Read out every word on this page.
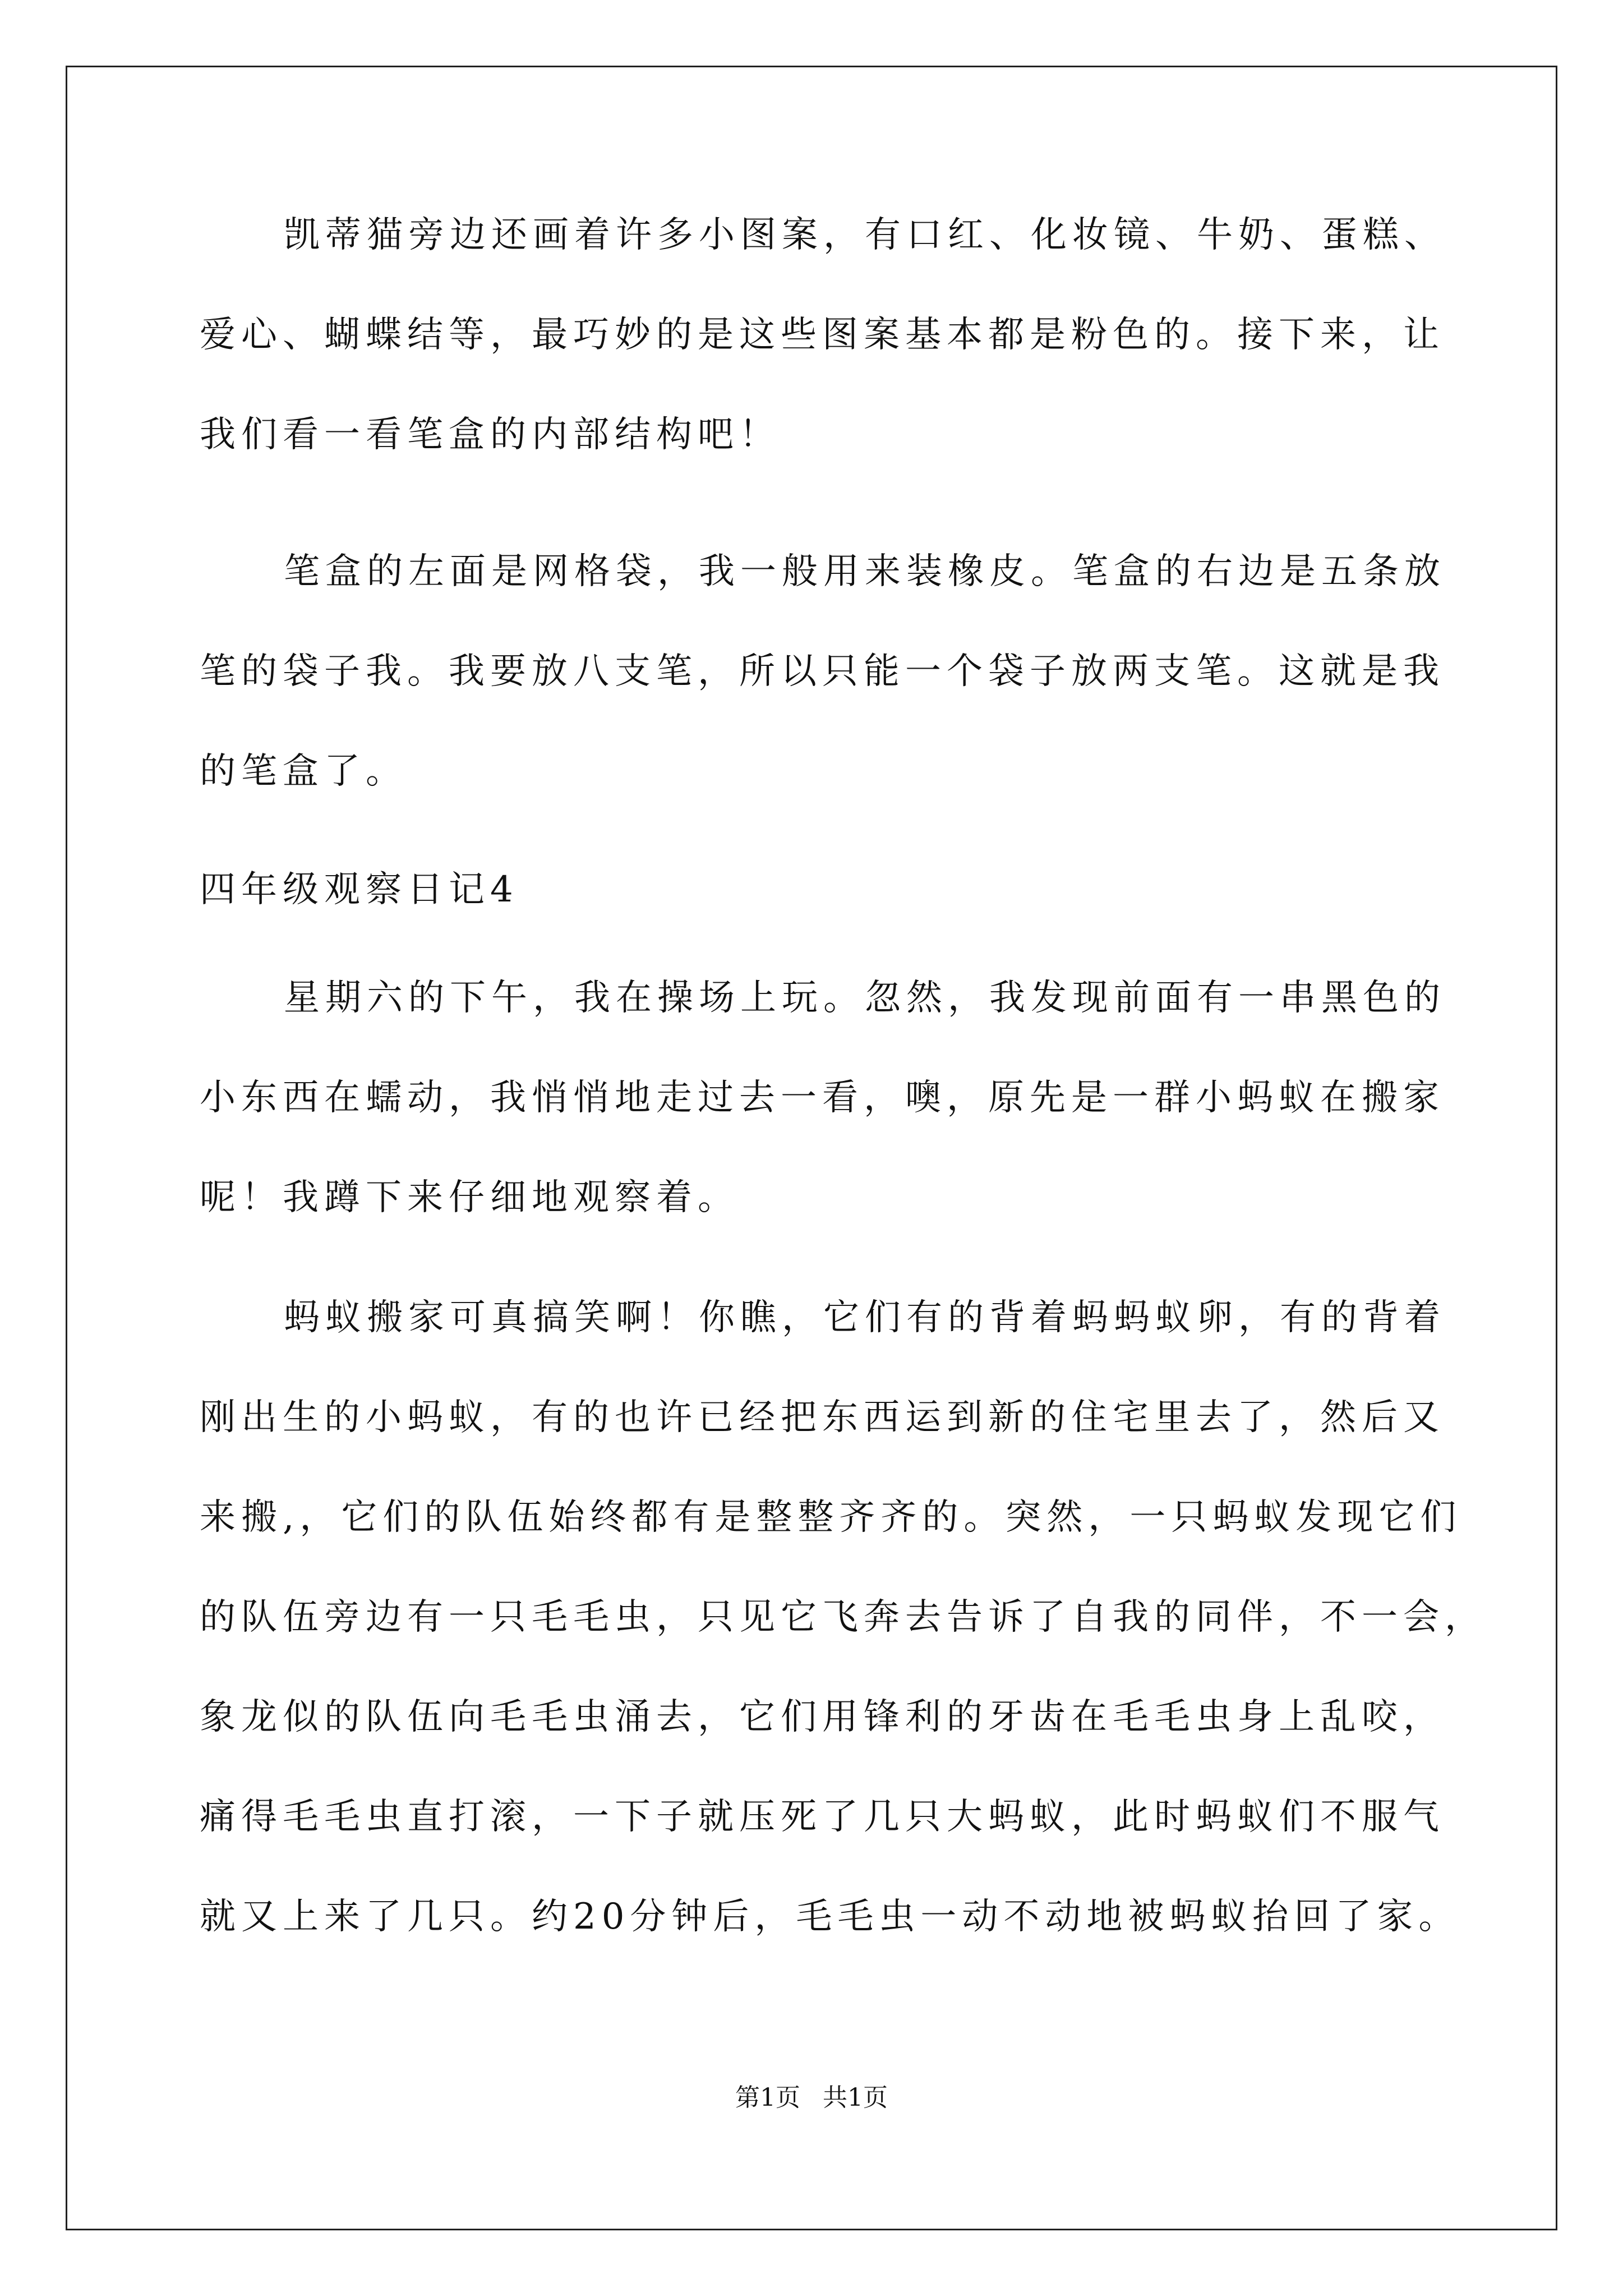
凯蒂猫旁边还画着许多小图案，有口红、化妆镜、牛奶、蛋糕、
爱心、蝴蝶结等，最巧妙的是这些图案基本都是粉色的。接下来，让
我们看一看笔盒的内部结构吧！
笔盒的左面是网格袋，我一般用来装橡皮。笔盒的右边是五条放
笔的袋子我。我要放八支笔，所以只能一个袋子放两支笔。这就是我
的笔盒了。
四年级观察日记4
星期六的下午，我在操场上玩。忽然，我发现前面有一串黑色的
小东西在蠕动，我悄悄地走过去一看，噢，原先是一群小蚂蚁在搬家
呢！我蹲下来仔细地观察着。
蚂蚁搬家可真搞笑啊！你瞧，它们有的背着蚂蚂蚁卵，有的背着
刚出生的小蚂蚁，有的也许已经把东西运到新的住宅里去了，然后又
来搬,，它们的队伍始终都有是整整齐齐的。突然，一只蚂蚁发现它们
的队伍旁边有一只毛毛虫，只见它飞奔去告诉了自我的同伴，不一会，
象龙似的队伍向毛毛虫涌去，它们用锋利的牙齿在毛毛虫身上乱咬，
痛得毛毛虫直打滚，一下子就压死了几只大蚂蚁，此时蚂蚁们不服气
就又上来了几只。约20分钟后，毛毛虫一动不动地被蚂蚁抬回了家。
第1页 共1页
